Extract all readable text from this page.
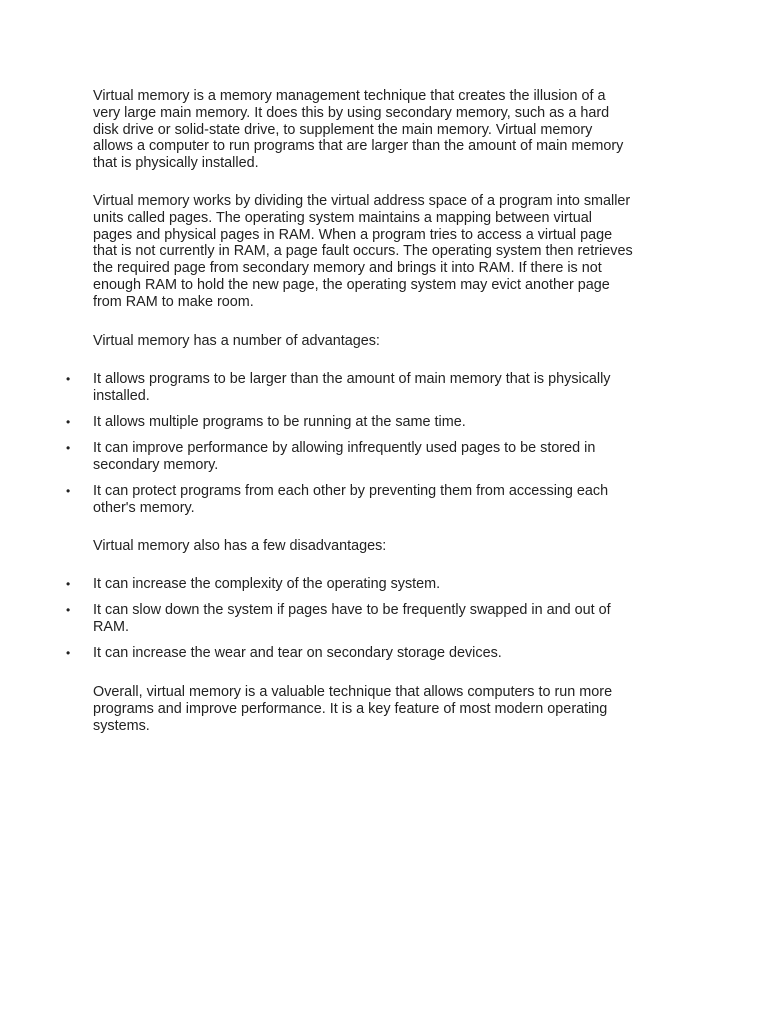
Virtual memory is a memory management technique that creates the illusion of a
very large main memory. It does this by using secondary memory, such as a hard
disk drive or solid-state drive, to supplement the main memory. Virtual memory
allows a computer to run programs that are larger than the amount of main memory
that is physically installed.

Virtual memory works by dividing the virtual address space of a program into smaller
units called pages. The operating system maintains a mapping between virtual
pages and physical pages in RAM. When a program tries to access a virtual page
that is not currently in RAM, a page fault occurs. The operating system then retrieves
the required page from secondary memory and brings it into RAM. If there is not
enough RAM to hold the new page, the operating system may evict another page
from RAM to make room.

Virtual memory has a number of advantages:

•	It allows programs to be larger than the amount of main memory that is physically
installed.
•	It allows multiple programs to be running at the same time.
•	It can improve performance by allowing infrequently used pages to be stored in
secondary memory.
•	It can protect programs from each other by preventing them from accessing each
other's memory.

Virtual memory also has a few disadvantages:

•	It can increase the complexity of the operating system.
•	It can slow down the system if pages have to be frequently swapped in and out of
RAM.
•	It can increase the wear and tear on secondary storage devices.

Overall, virtual memory is a valuable technique that allows computers to run more
programs and improve performance. It is a key feature of most modern operating
systems.
